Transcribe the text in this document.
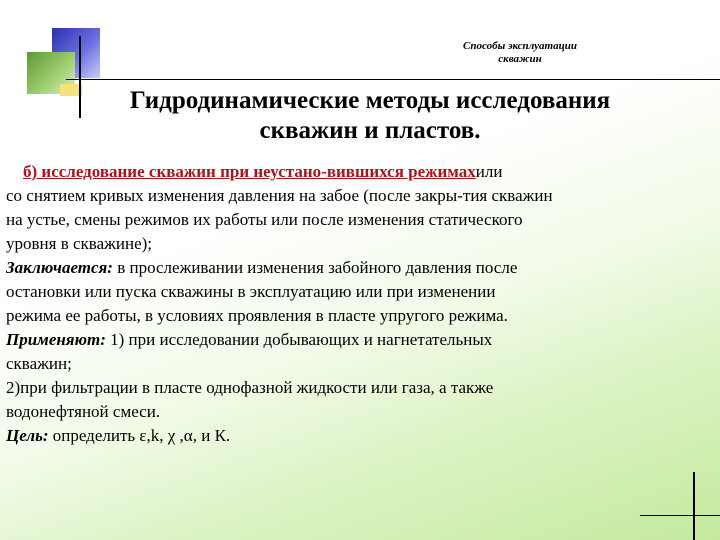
Способы эксплуатации
скважин
Гидродинамические методы исследования
скважин и пластов.

  б) исследование скважин при неустано-вившихся режимахили

со снятием кривых изменения давления на забое (после закры-тия скважин

на устье, смены режимов их работы или после изменения статического

уровня в скважине);

Заключается: в прослеживании изменения забойного давления после

остановки или пуска скважины в эксплуатацию или при изменении

режима ее работы, в условиях проявления в пласте упругого режима.

Применяют: 1) при исследовании добывающих и нагнетательных

скважин;

2)при фильтрации в пласте однофазной жидкости или газа, а также

водонефтяной смеси.

Цель: определить ε,k, χ ,α, и К.
